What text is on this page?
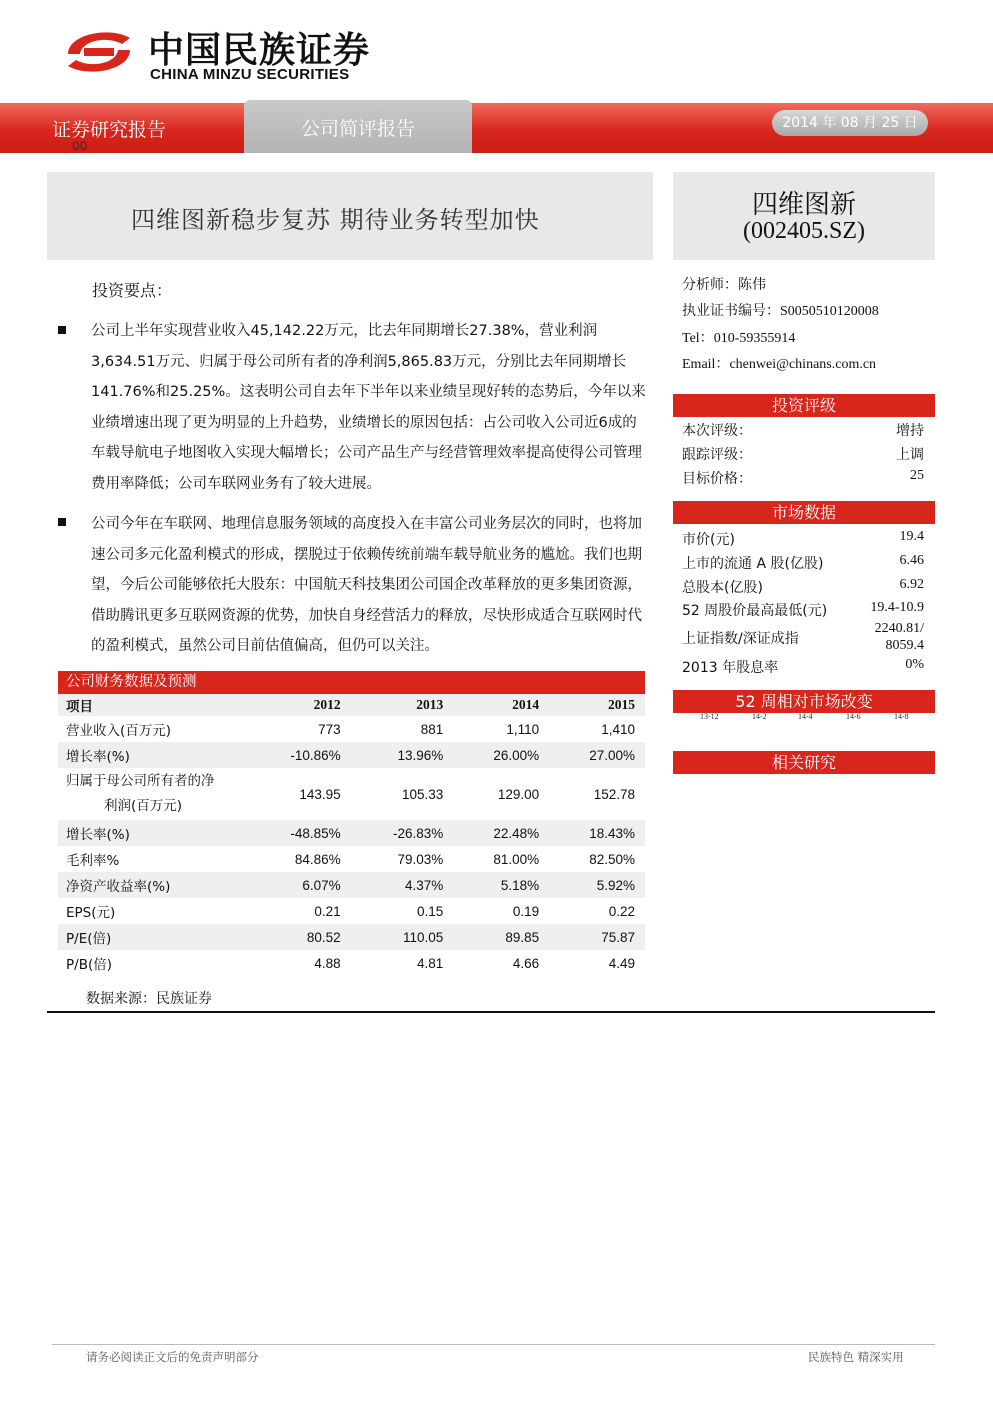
中国民族证券
CHINA MINZU SECURITIES
证券研究报告
00
公司简评报告	2014 年 08 月 25 日
四维图新稳步复苏 期待业务转型加快	四维图新
(002405.SZ)
投资要点：
公司上半年实现营业收入45,142.22万元，比去年同期增长27.38%，营业利润3,634.51万元、归属于母公司所有者的净利润5,865.83万元，分别比去年同期增长141.76%和25.25%。这表明公司自去年下半年以来业绩呈现好转的态势后，今年以来业绩增速出现了更为明显的上升趋势，业绩增长的原因包括：占公司收入公司近6成的车载导航电子地图收入实现大幅增长；公司产品生产与经营管理效率提高使得公司管理费用率降低；公司车联网业务有了较大进展。
公司今年在车联网、地理信息服务领域的高度投入在丰富公司业务层次的同时，也将加速公司多元化盈利模式的形成，摆脱过于依赖传统前端车载导航业务的尴尬。我们也期望，今后公司能够依托大股东：中国航天科技集团公司国企改革释放的更多集团资源，借助腾讯更多互联网资源的优势，加快自身经营活力的释放，尽快形成适合互联网时代的盈利模式，虽然公司目前估值偏高，但仍可以关注。
公司财务数据及预测
项目	2012	2013	2014	2015
营业收入(百万元)	773	881	1,110	1,410
增长率(%)	-10.86%	13.96%	26.00%	27.00%

归属于母公司所有者的净
利润(百万元)	143.95	105.33	129.00	152.78
增长率(%)	-48.85%	-26.83%	22.48%	18.43%
毛利率%	84.86%	79.03%	81.00%	82.50%
净资产收益率(%)	6.07%	4.37%	5.18%	5.92%
EPS(元)	0.21	0.15	0.19	0.22
P/E(倍)	80.52	110.05	89.85	75.87
P/B(倍)	4.88	4.81	4.66	4.49
数据来源：民族证券
分析师：陈伟
执业证书编号：S0050510120008
Tel：010-59355914
Email：chenwei@chinans.com.cn
投资评级
本次评级：	增持
跟踪评级：	上调
目标价格：	25
市场数据
市价(元)	19.4
上市的流通 A 股(亿股)	6.46
总股本(亿股)	6.92
52 周股价最高最低(元)	19.4-10.9
上证指数/深证成指
2240.81/
8059.4
2013 年股息率	0%
52 周相对市场改变
13-12	14-2	14-4	14-6	14-8
相关研究
请务必阅读正文后的免责声明部分	民族特色 精深实用
